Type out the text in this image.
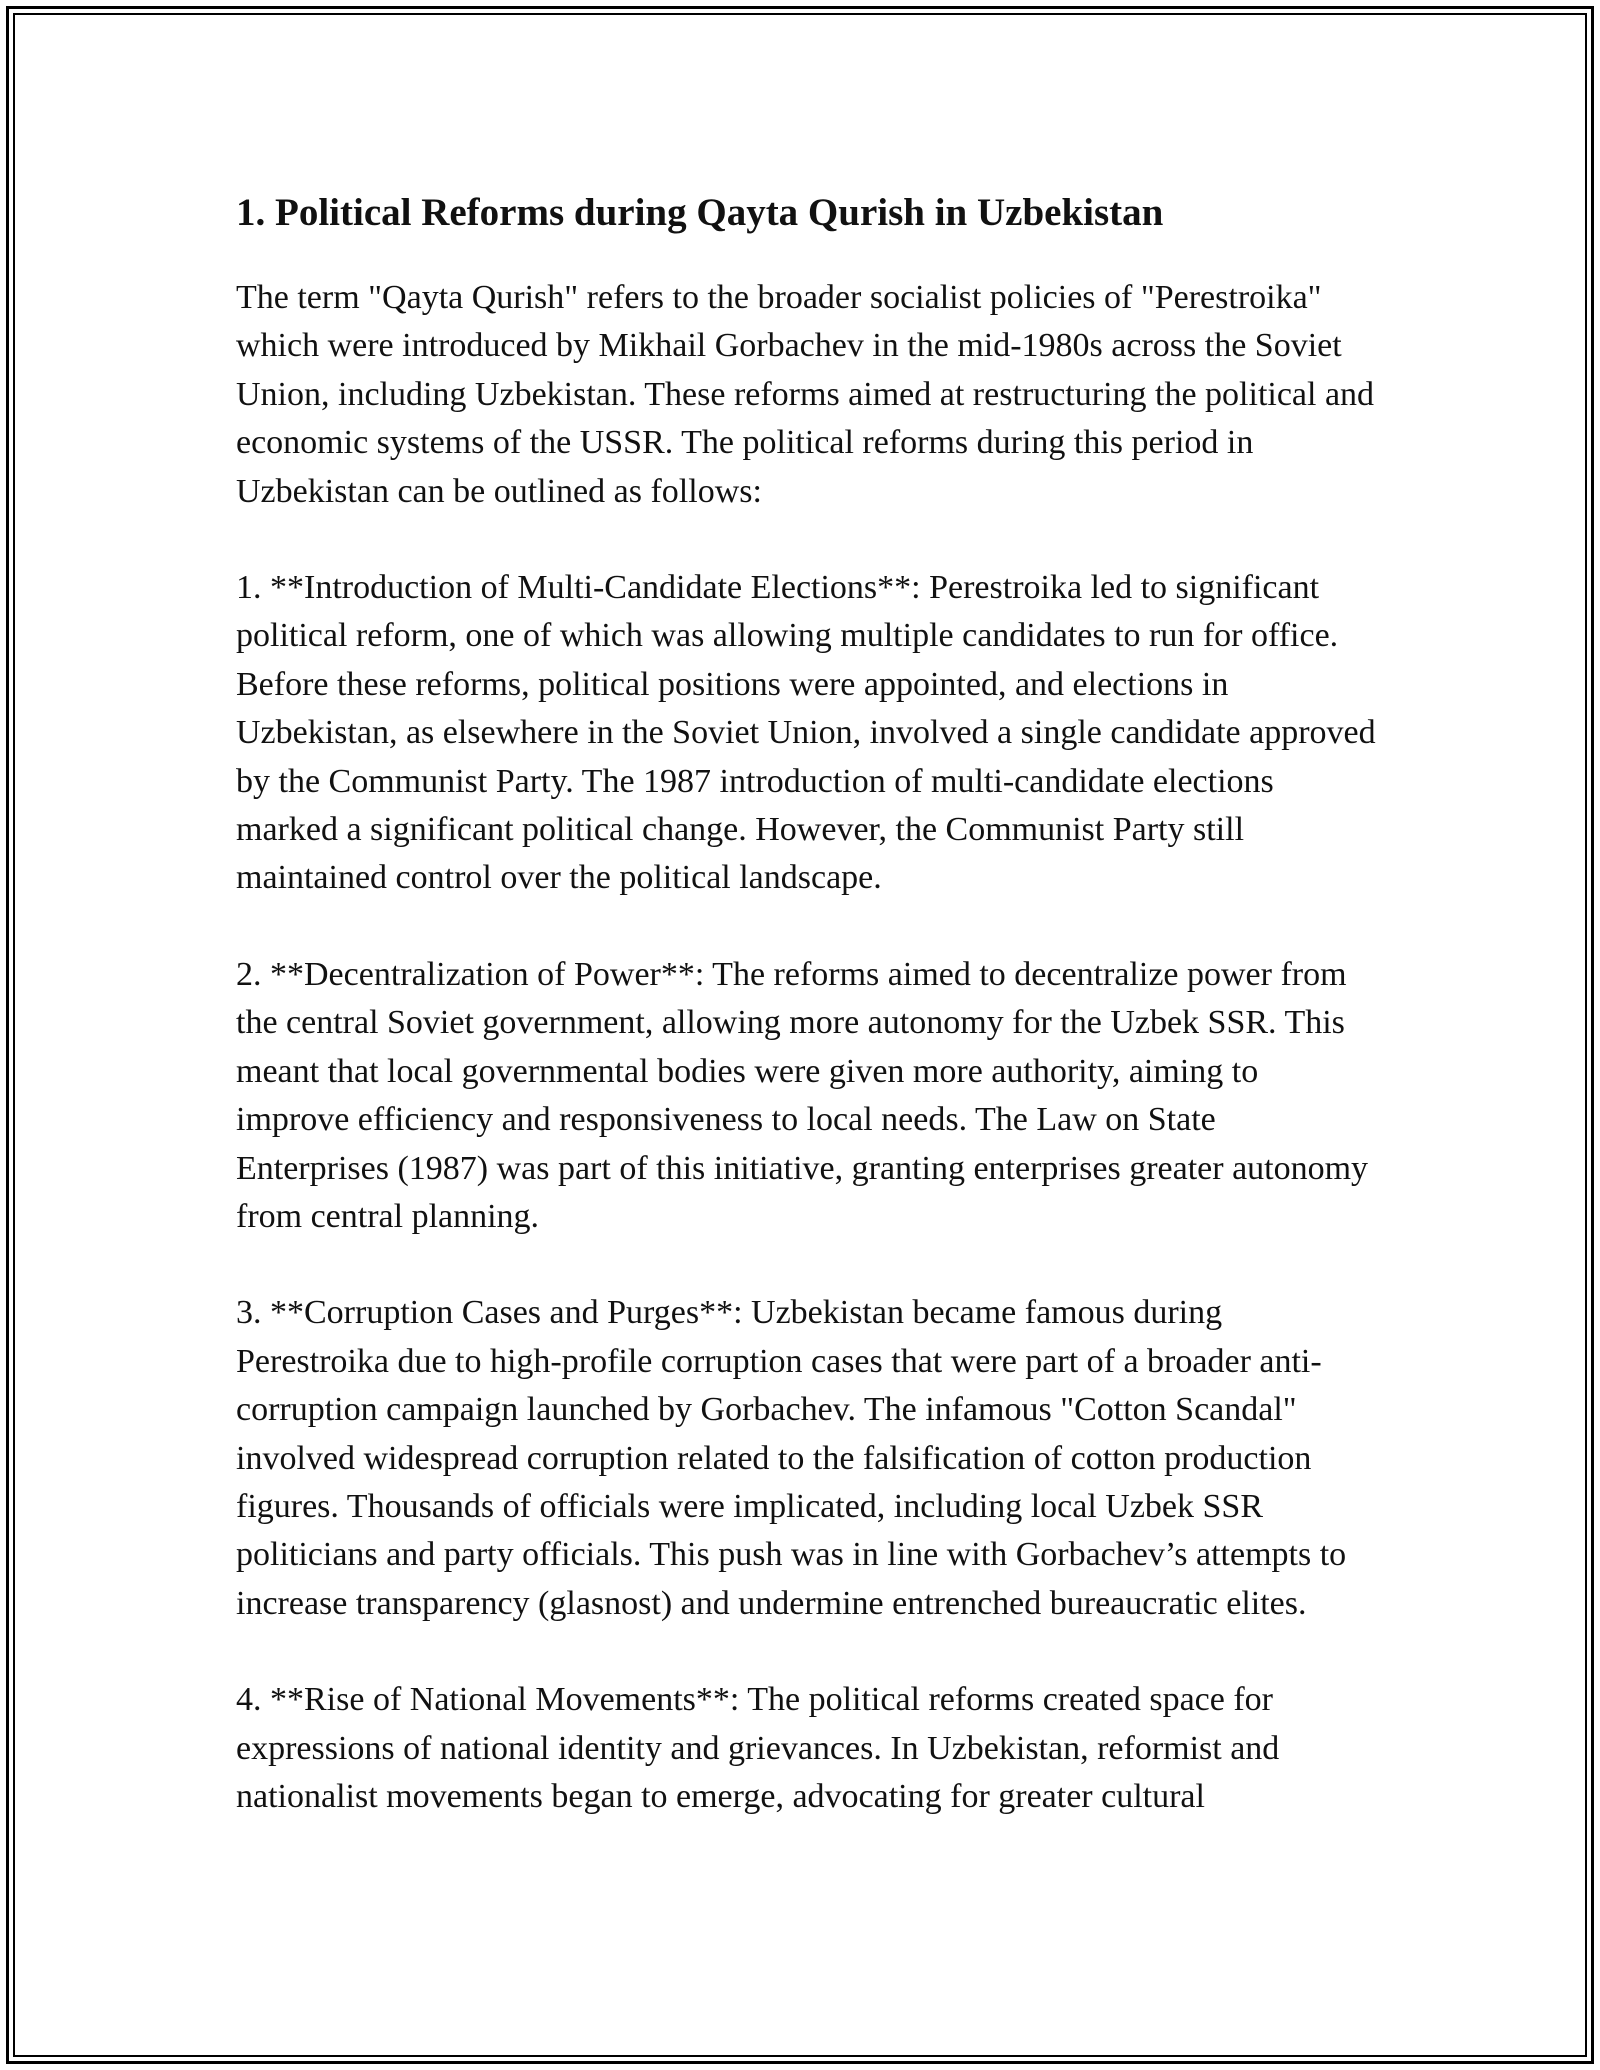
1. Political Reforms during Qayta Qurish in Uzbekistan

The term "Qayta Qurish" refers to the broader socialist policies of "Perestroika" which were introduced by Mikhail Gorbachev in the mid-1980s across the Soviet Union, including Uzbekistan. These reforms aimed at restructuring the political and economic systems of the USSR. The political reforms during this period in Uzbekistan can be outlined as follows:

1. **Introduction of Multi-Candidate Elections**: Perestroika led to significant political reform, one of which was allowing multiple candidates to run for office. Before these reforms, political positions were appointed, and elections in Uzbekistan, as elsewhere in the Soviet Union, involved a single candidate approved by the Communist Party. The 1987 introduction of multi-candidate elections marked a significant political change. However, the Communist Party still maintained control over the political landscape.

2. **Decentralization of Power**: The reforms aimed to decentralize power from the central Soviet government, allowing more autonomy for the Uzbek SSR. This meant that local governmental bodies were given more authority, aiming to improve efficiency and responsiveness to local needs. The Law on State Enterprises (1987) was part of this initiative, granting enterprises greater autonomy from central planning.

3. **Corruption Cases and Purges**: Uzbekistan became famous during Perestroika due to high-profile corruption cases that were part of a broader anti-corruption campaign launched by Gorbachev. The infamous "Cotton Scandal" involved widespread corruption related to the falsification of cotton production figures. Thousands of officials were implicated, including local Uzbek SSR politicians and party officials. This push was in line with Gorbachev’s attempts to increase transparency (glasnost) and undermine entrenched bureaucratic elites.

4. **Rise of National Movements**: The political reforms created space for expressions of national identity and grievances. In Uzbekistan, reformist and nationalist movements began to emerge, advocating for greater cultural
